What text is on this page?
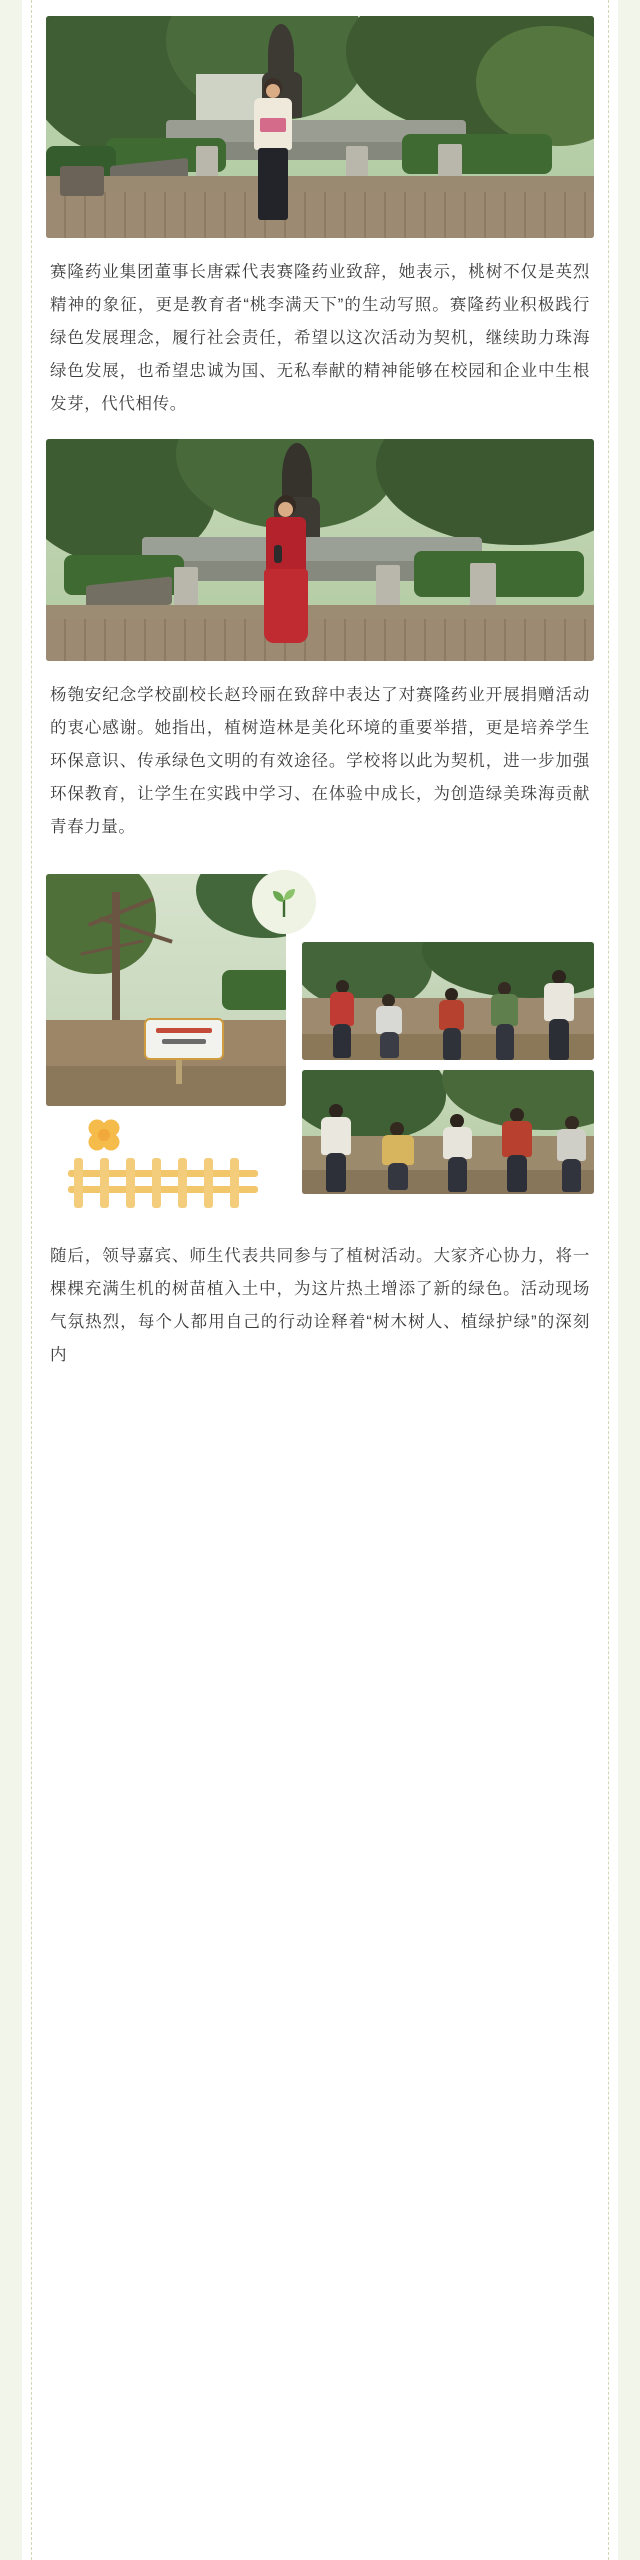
赛隆药业集团董事长唐霖代表赛隆药业致辞，她表示，桃树不仅是英烈精神的象征，更是教育者“桃李满天下”的生动写照。赛隆药业积极践行绿色发展理念，履行社会责任，希望以这次活动为契机，继续助力珠海绿色发展，也希望忠诚为国、无私奉献的精神能够在校园和企业中生根发芽，代代相传。

杨匏安纪念学校副校长赵玲丽在致辞中表达了对赛隆药业开展捐赠活动的衷心感谢。她指出，植树造林是美化环境的重要举措，更是培养学生环保意识、传承绿色文明的有效途径。学校将以此为契机，进一步加强环保教育，让学生在实践中学习、在体验中成长，为创造绿美珠海贡献青春力量。

随后，领导嘉宾、师生代表共同参与了植树活动。大家齐心协力，将一棵棵充满生机的树苗植入土中，为这片热土增添了新的绿色。活动现场气氛热烈，每个人都用自己的行动诠释着“树木树人、植绿护绿”的深刻内
